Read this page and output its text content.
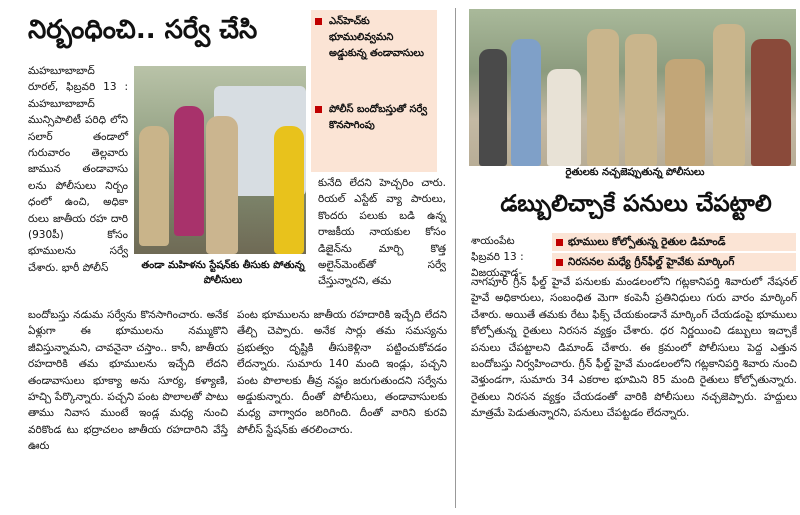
నిర్బంధించి.. సర్వే చేసి	ఎన్‌హెచ్‌కు భూములివ్వమని అడ్డుకున్న తండావాసులు
పోలీస్ బందోబస్తుతో సర్వే కొనసాగింపు
మహబూబాబాద్ రూరల్, ఫిబ్రవరి 13 : మహబూబాబాద్ మున్సిపాలిటీ పరిధి లోని సలార్ తండాలో గురువారం తెల్లవారు జామున తండావాసు లను పోలీసులు నిర్బం ధంలో ఉంచి, అధికా రులు జాతీయ రహ దారి (930పీ) కోసం భూములను సర్వే చేశారు. భారీ పోలీస్	తండా మహిళను స్టేషన్‌కు తీసుకు పోతున్న పోలీసులు
కునేది లేదని హెచ్చరిం చారు. రియల్ ఎస్టేట్ వ్యా పారులు, కొందరు పలుకు బడి ఉన్న రాజకీయ నాయకుల కోసం డిజైన్‌ను మార్చి కొత్త అలైన్‌మెంట్‌తో సర్వే చేస్తున్నారని, తమ
బందోబస్తు నడుమ సర్వేను కొనసాగించారు. అనేక ఏళ్లుగా ఈ భూములను నమ్ముకొని జీవిస్తున్నామని, చావనైనా చస్తాం.. కానీ, జాతీయ రహదారికి తమ భూములను ఇచ్చేది లేదని తండావాసులు భూక్యా అను సూర్య, కళ్యాణి, హచ్చి పేర్కొన్నారు. పచ్చని పంట పొలాలతో పాటు తాము నివాస ముంటే ఇండ్ల మధ్య నుంచి వరికొండ టు భద్రాచలం జాతీయ రహదారిని వేస్తే ఊరు
పంట భూములను జాతీయ రహదారికి ఇచ్చేది లేదని తేల్చి చెప్పారు. అనేక సార్లు తమ సమస్యను ప్రభుత్వం దృష్టికి తీసుకెళ్లినా పట్టించుకోవడం లేదన్నారు. సుమారు 140 మంది ఇండ్లు, పచ్చని పంట పొలాలకు తీవ్ర నష్టం జరుగుతుందని సర్వేను అడ్డుకున్నారు. దీంతో పోలీసులు, తండావాసులకు మధ్య వాగ్వాదం జరిగింది. దీంతో వారిని కురవి పోలీస్ స్టేషన్‌కు తరలించారు.
రైతులకు నచ్చజెప్పుతున్న పోలీసులు
డబ్బులిచ్చాకే పనులు చేపట్టాలి
శాయంపేట ఫిబ్రవరి 13 : విజయవాడ-
భూములు కోల్పోతున్న రైతుల డిమాండ్
నిరసనల మధ్యే గ్రీన్‌ఫీల్డ్ హైవేకు మార్కింగ్
నాగపూర్ గ్రీన్ ఫీల్డ్ హైవే పనులకు మండలంలోని గట్లకానిపర్తి శివారులో నేషనల్ హైవే అధికారులు, సంబంధిత మెగా కంపెనీ ప్రతినిధులు గురు వారం మార్కింగ్ చేశారు. అయితే తమకు రేటు ఫిక్స్ చేయకుండానే మార్కింగ్ చేయడంపై భూములు కోల్పోతున్న రైతులు నిరసన వ్యక్తం చేశారు. ధర నిర్ణయించి డబ్బులు ఇచ్చాకే పనులు చేపట్టాలని డిమాండ్ చేశారు. ఈ క్రమంలో పోలీసులు పెద్ద ఎత్తున బందోబస్తు నిర్వహించారు. గ్రీన్ ఫీల్డ్ హైవే మండలంలోని గట్లకానిపర్తి శివారు నుంచి వెళ్తుండగా, సుమారు 34 ఎకరాల భూమిని 85 మంది రైతులు కోల్పోతున్నారు. రైతులు నిరసన వ్యక్తం చేయడంతో వారికి పోలీసులు నచ్చజెప్పారు. హద్దులు మాత్రమే పెడుతున్నారని, పనులు చేపట్టడం లేదన్నారు.
